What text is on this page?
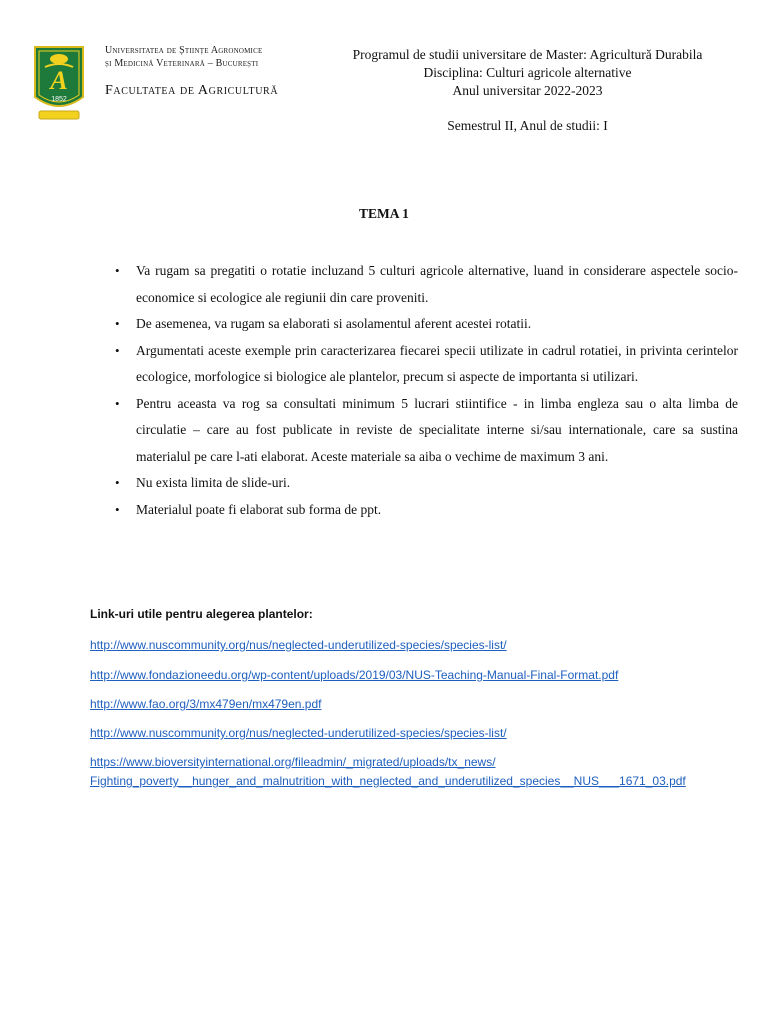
A
1852
Universitatea de Științe Agronomice
și Medicină Veterinară – București
Facultatea de Agricultură
Programul de studii universitare de Master: Agricultură Durabila
Disciplina: Culturi agricole alternative
Anul universitar 2022-2023
Semestrul II, Anul de studii: I
TEMA 1
• Va rugam sa pregatiti o rotatie incluzand 5 culturi agricole alternative, luand in considerare aspectele socio-economice si ecologice ale regiunii din care proveniti.
• De asemenea, va rugam sa elaborati si asolamentul aferent acestei rotatii.
• Argumentati aceste exemple prin caracterizarea fiecarei specii utilizate in cadrul rotatiei, in privinta cerintelor ecologice, morfologice si biologice ale plantelor, precum si aspecte de importanta si utilizari.
• Pentru aceasta va rog sa consultati minimum 5 lucrari stiintifice - in limba engleza sau o alta limba de circulatie – care au fost publicate in reviste de specialitate interne si/sau internationale, care sa sustina materialul pe care l-ati elaborat. Aceste materiale sa aiba o vechime de maximum 3 ani.
• Nu exista limita de slide-uri.
• Materialul poate fi elaborat sub forma de ppt.
Link-uri utile pentru alegerea plantelor:
http://www.nuscommunity.org/nus/neglected-underutilized-species/species-list/
http://www.fondazioneedu.org/wp-content/uploads/2019/03/NUS-Teaching-Manual-Final-Format.pdf
http://www.fao.org/3/mx479en/mx479en.pdf
http://www.nuscommunity.org/nus/neglected-underutilized-species/species-list/
https://www.bioversityinternational.org/fileadmin/_migrated/uploads/tx_news/
Fighting_poverty__hunger_and_malnutrition_with_neglected_and_underutilized_species__NUS___1671_03.pdf
